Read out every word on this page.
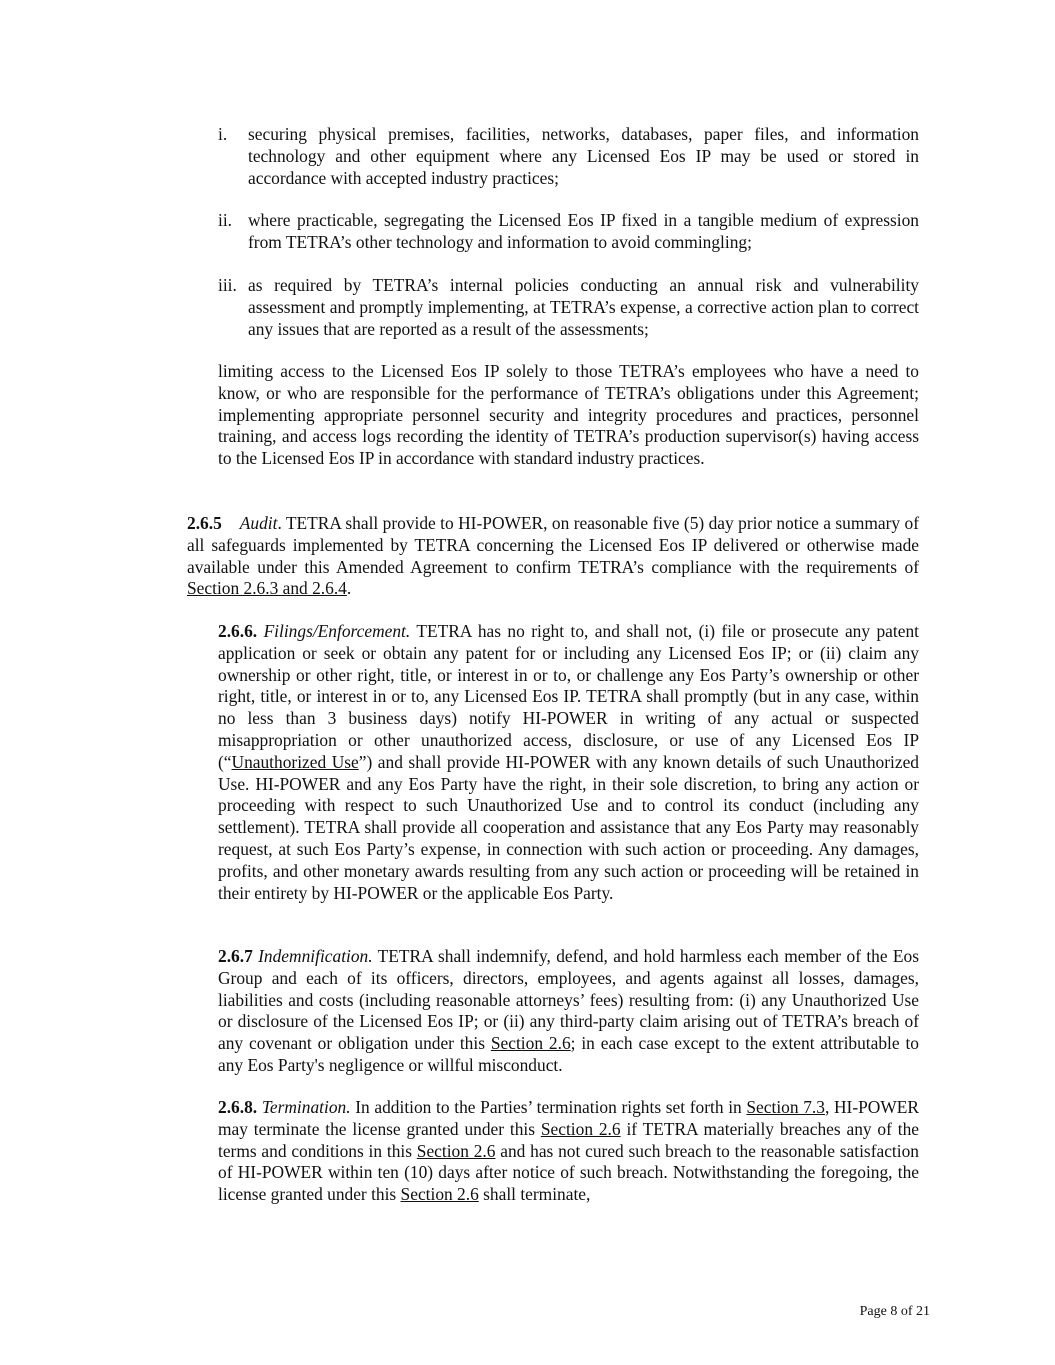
i. securing physical premises, facilities, networks, databases, paper files, and information technology and other equipment where any Licensed Eos IP may be used or stored in accordance with accepted industry practices;

ii. where practicable, segregating the Licensed Eos IP fixed in a tangible medium of expression from TETRA’s other technology and information to avoid commingling;

iii. as required by TETRA’s internal policies conducting an annual risk and vulnerability assessment and promptly implementing, at TETRA’s expense, a corrective action plan to correct any issues that are reported as a result of the assessments;

limiting access to the Licensed Eos IP solely to those TETRA’s employees who have a need to know, or who are responsible for the performance of TETRA’s obligations under this Agreement; implementing appropriate personnel security and integrity procedures and practices, personnel training, and access logs recording the identity of TETRA’s production supervisor(s) having access to the Licensed Eos IP in accordance with standard industry practices.

2.6.5 Audit. TETRA shall provide to HI-POWER, on reasonable five (5) day prior notice a summary of all safeguards implemented by TETRA concerning the Licensed Eos IP delivered or otherwise made available under this Amended Agreement to confirm TETRA’s compliance with the requirements of Section 2.6.3 and 2.6.4.

2.6.6. Filings/Enforcement. TETRA has no right to, and shall not, (i) file or prosecute any patent application or seek or obtain any patent for or including any Licensed Eos IP; or (ii) claim any ownership or other right, title, or interest in or to, or challenge any Eos Party’s ownership or other right, title, or interest in or to, any Licensed Eos IP. TETRA shall promptly (but in any case, within no less than 3 business days) notify HI-POWER in writing of any actual or suspected misappropriation or other unauthorized access, disclosure, or use of any Licensed Eos IP (“Unauthorized Use”) and shall provide HI-POWER with any known details of such Unauthorized Use. HI-POWER and any Eos Party have the right, in their sole discretion, to bring any action or proceeding with respect to such Unauthorized Use and to control its conduct (including any settlement). TETRA shall provide all cooperation and assistance that any Eos Party may reasonably request, at such Eos Party’s expense, in connection with such action or proceeding. Any damages, profits, and other monetary awards resulting from any such action or proceeding will be retained in their entirety by HI-POWER or the applicable Eos Party.

2.6.7 Indemnification. TETRA shall indemnify, defend, and hold harmless each member of the Eos Group and each of its officers, directors, employees, and agents against all losses, damages, liabilities and costs (including reasonable attorneys’ fees) resulting from: (i) any Unauthorized Use or disclosure of the Licensed Eos IP; or (ii) any third-party claim arising out of TETRA’s breach of any covenant or obligation under this Section 2.6; in each case except to the extent attributable to any Eos Party's negligence or willful misconduct.

2.6.8. Termination. In addition to the Parties’ termination rights set forth in Section 7.3, HI-POWER may terminate the license granted under this Section 2.6 if TETRA materially breaches any of the terms and conditions in this Section 2.6 and has not cured such breach to the reasonable satisfaction of HI-POWER within ten (10) days after notice of such breach. Notwithstanding the foregoing, the license granted under this Section 2.6 shall terminate,

Page 8 of 21
